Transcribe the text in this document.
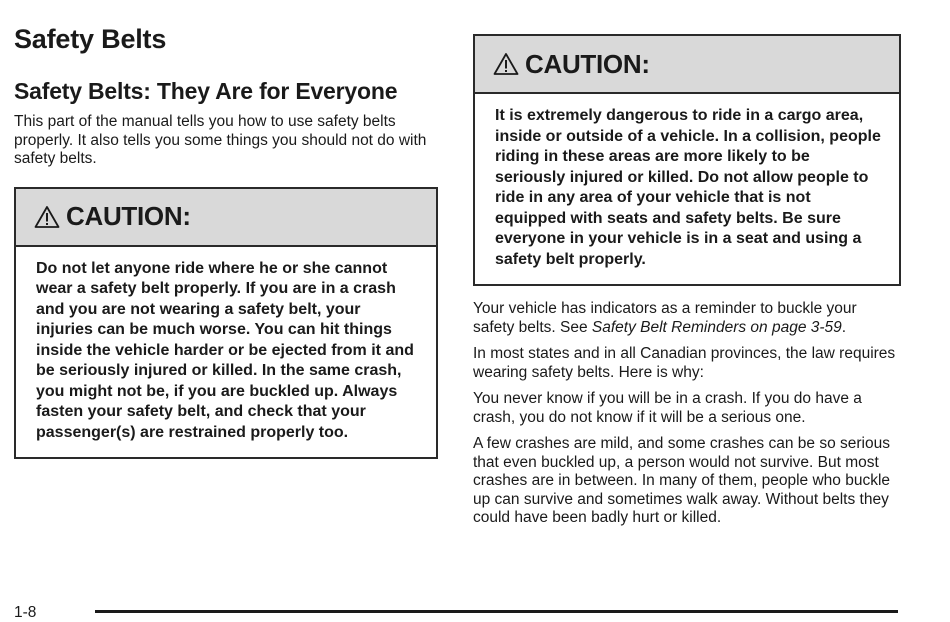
Safety Belts
Safety Belts: They Are for Everyone

This part of the manual tells you how to use safety belts properly. It also tells you some things you should not do with safety belts.

CAUTION:
Do not let anyone ride where he or she cannot wear a safety belt properly. If you are in a crash and you are not wearing a safety belt, your injuries can be much worse. You can hit things inside the vehicle harder or be ejected from it and be seriously injured or killed. In the same crash, you might not be, if you are buckled up. Always fasten your safety belt, and check that your passenger(s) are restrained properly too.
CAUTION:
It is extremely dangerous to ride in a cargo area, inside or outside of a vehicle. In a collision, people riding in these areas are more likely to be seriously injured or killed. Do not allow people to ride in any area of your vehicle that is not equipped with seats and safety belts. Be sure everyone in your vehicle is in a seat and using a safety belt properly.

Your vehicle has indicators as a reminder to buckle your safety belts. See Safety Belt Reminders on page 3-59.

In most states and in all Canadian provinces, the law requires wearing safety belts. Here is why:

You never know if you will be in a crash. If you do have a crash, you do not know if it will be a serious one.

A few crashes are mild, and some crashes can be so serious that even buckled up, a person would not survive. But most crashes are in between. In many of them, people who buckle up can survive and sometimes walk away. Without belts they could have been badly hurt or killed.

1-8
